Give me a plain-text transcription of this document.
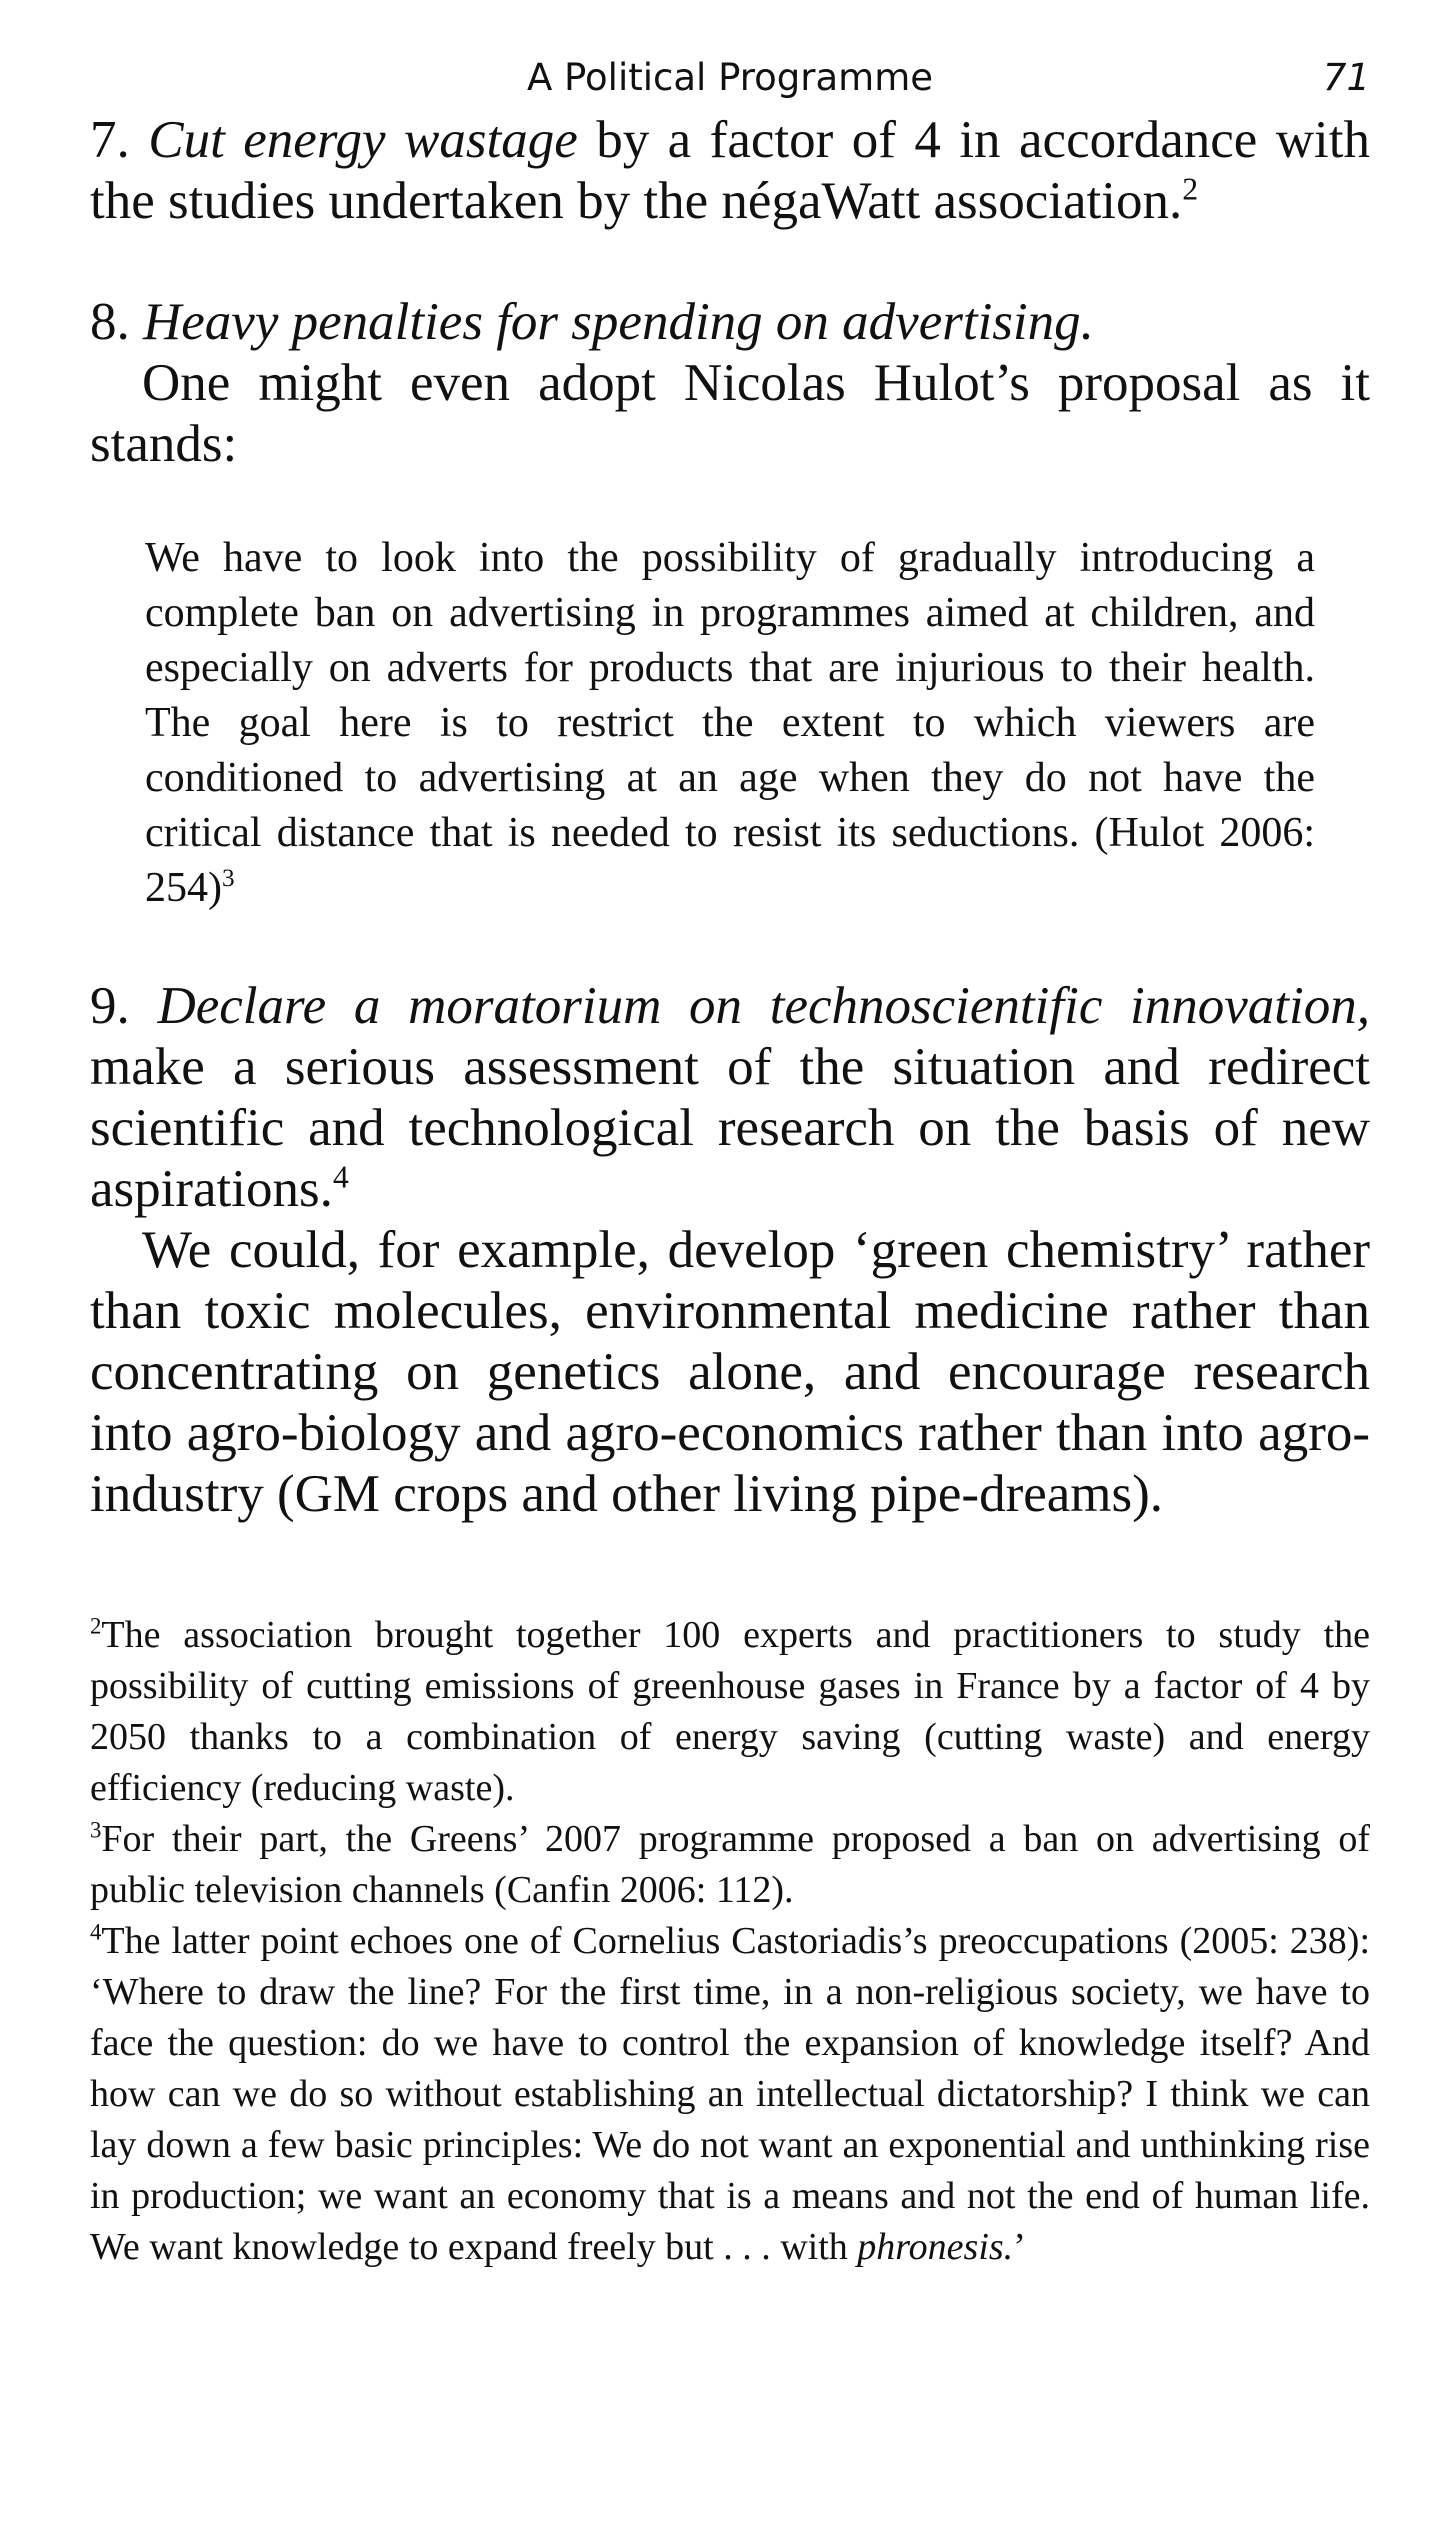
A Political Programme	71

7. Cut energy wastage by a factor of 4 in accordance with the studies undertaken by the négaWatt association.$^2$

8. Heavy penalties for spending on advertising.

One might even adopt Nicolas Hulot’s proposal as it stands:

We have to look into the possibility of gradually introducing a complete ban on advertising in programmes aimed at children, and especially on adverts for products that are injurious to their health. The goal here is to restrict the extent to which viewers are conditioned to advertising at an age when they do not have the critical distance that is needed to resist its seductions. (Hulot 2006: 254)$^3$

9. Declare a moratorium on technoscientific innovation, make a serious assessment of the situation and redirect scientific and technological research on the basis of new aspirations.$^4$

We could, for example, develop ‘green chemistry’ rather than toxic molecules, environmental medicine rather than concentrating on genetics alone, and encourage research into agro-biology and agro-economics rather than into agro-industry (GM crops and other living pipe-dreams).

$^2$The association brought together 100 experts and practitioners to study the possibility of cutting emissions of greenhouse gases in France by a factor of 4 by 2050 thanks to a combination of energy saving (cutting waste) and energy efficiency (reducing waste).

$^3$For their part, the Greens’ 2007 programme proposed a ban on advertising of public television channels (Canfin 2006: 112).

$^4$The latter point echoes one of Cornelius Castoriadis’s preoccupations (2005: 238): ‘Where to draw the line? For the first time, in a non-religious society, we have to face the question: do we have to control the expansion of knowledge itself? And how can we do so without establishing an intellectual dictatorship? I think we can lay down a few basic principles: We do not want an exponential and unthinking rise in production; we want an economy that is a means and not the end of human life. We want knowledge to expand freely but . . . with phronesis.’
